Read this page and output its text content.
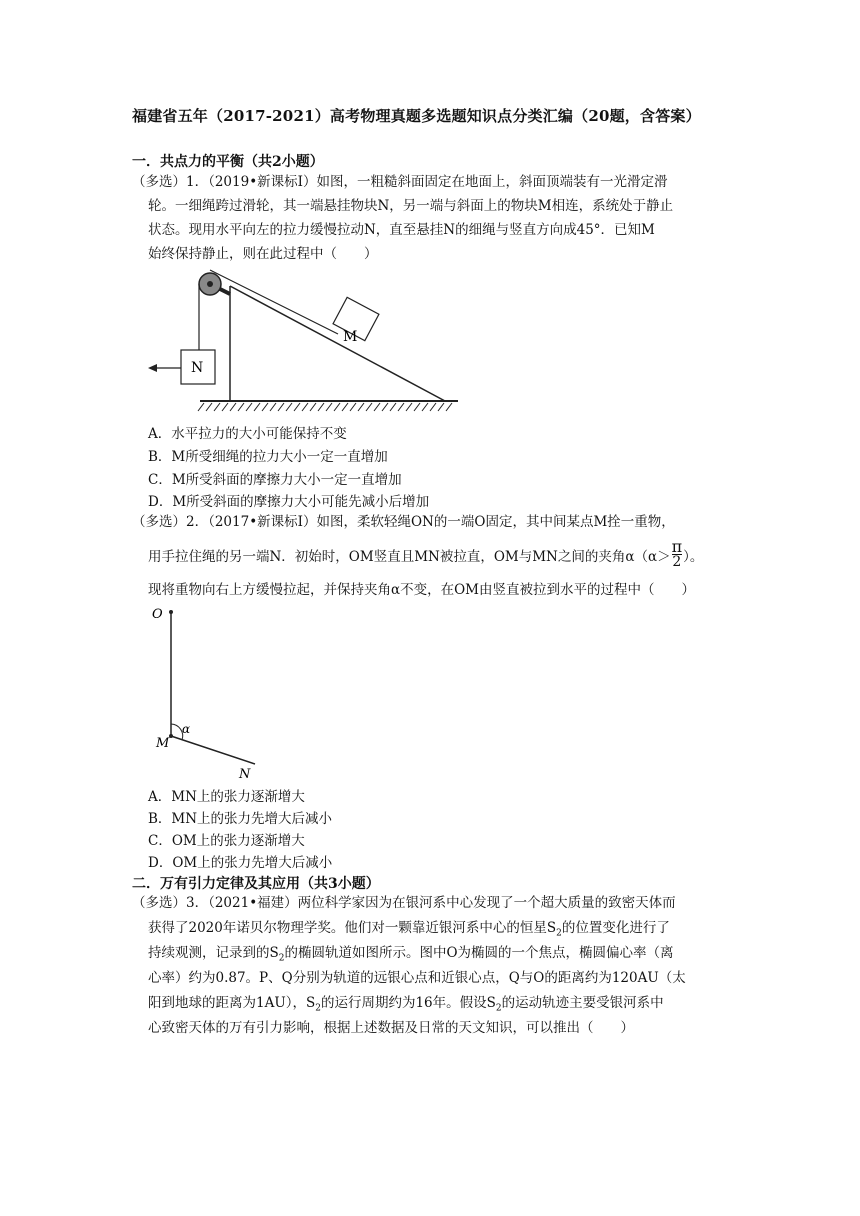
福建省五年（2017-2021）高考物理真题多选题知识点分类汇编（20题，含答案）
一．共点力的平衡（共2小题）
（多选）1．（2019•新课标Ⅰ）如图，一粗糙斜面固定在地面上，斜面顶端装有一光滑定滑
轮。一细绳跨过滑轮，其一端悬挂物块N，另一端与斜面上的物块M相连，系统处于静止
状态。现用水平向左的拉力缓慢拉动N，直至悬挂N的细绳与竖直方向成45°．已知M
始终保持静止，则在此过程中（　　）
M
N
A．水平拉力的大小可能保持不变
B．M所受细绳的拉力大小一定一直增加
C．M所受斜面的摩擦力大小一定一直增加
D．M所受斜面的摩擦力大小可能先减小后增加
（多选）2．（2017•新课标Ⅰ）如图，柔软轻绳ON的一端O固定，其中间某点M拴一重物，
用手拉住绳的另一端N．初始时，OM竖直且MN被拉直，OM与MN之间的夹角$\alpha(\alpha> \frac{\pi}{2}$ ）。
现将重物向右上方缓慢拉起，并保持夹角α不变，在OM由竖直被拉到水平的过程中（　　）
O
M
α
N
A．MN上的张力逐渐增大
B．MN上的张力先增大后减小
C．OM上的张力逐渐增大
D．OM上的张力先增大后减小
二．万有引力定律及其应用（共3小题）
（多选）3．（2021•福建）两位科学家因为在银河系中心发现了一个超大质量的致密天体而
获得了2020年诺贝尔物理学奖。他们对一颗靠近银河系中心的恒星$S_2$的位置变化进行了
持续观测，记录到的$S_2$的椭圆轨道如图所示。图中O为椭圆的一个焦点，椭圆偏心率（离
心率）约为0.87。P、Q分别为轨道的远银心点和近银心点，Q与O的距离约为120AU（太
阳到地球的距离为1AU），$S_2$的运行周期约为16年。假设$S_2$的运动轨迹主要受银河系中
心致密天体的万有引力影响，根据上述数据及日常的天文知识，可以推出（　　）
